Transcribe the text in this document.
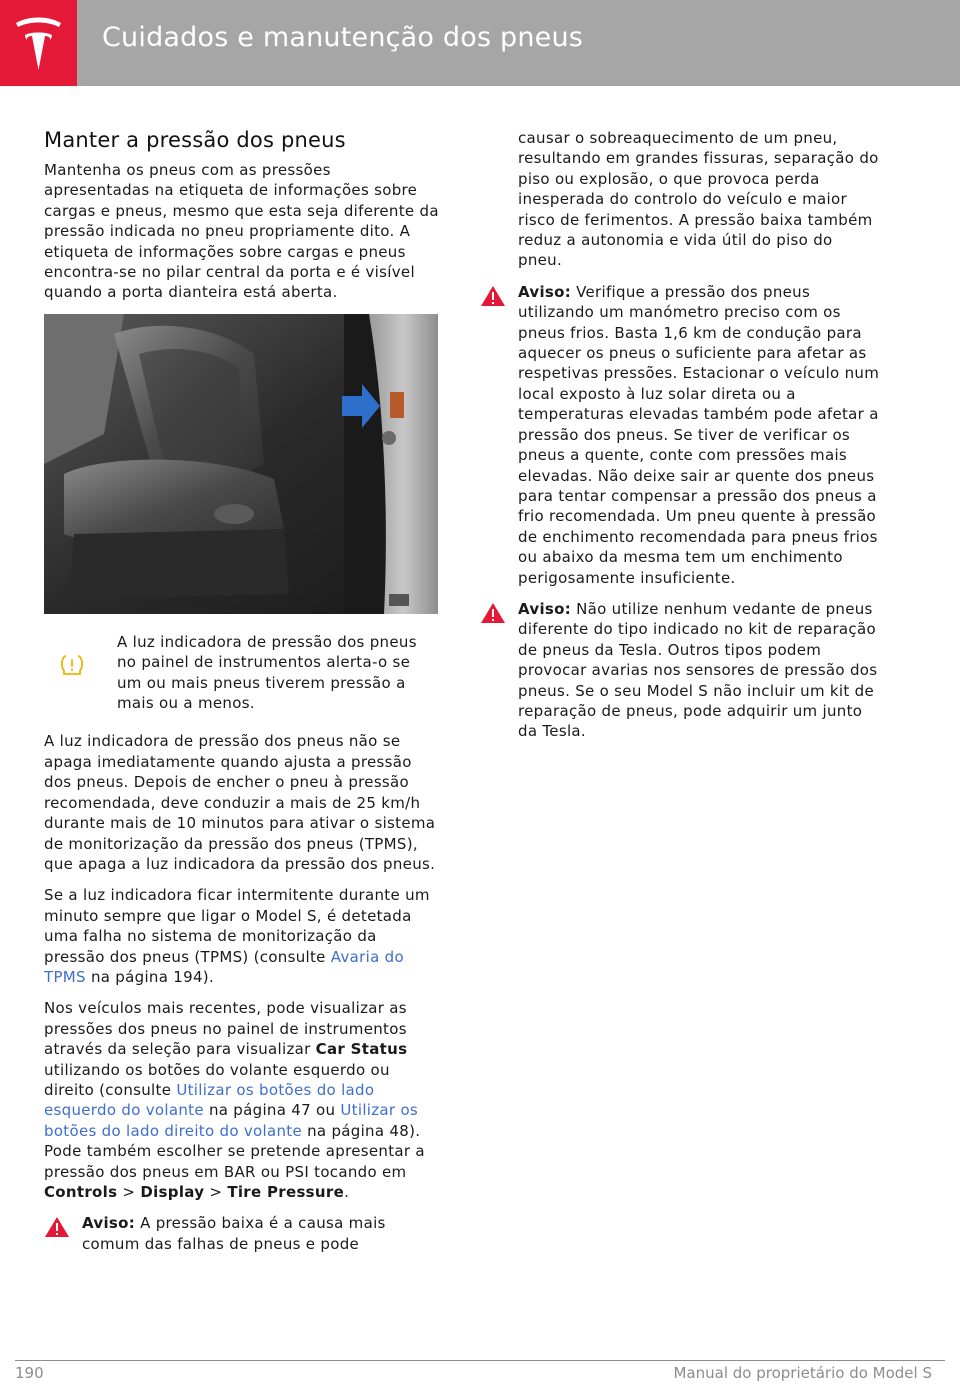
Cuidados e manutenção dos pneus
Manter a pressão dos pneus

Mantenha os pneus com as pressões apresentadas na etiqueta de informações sobre cargas e pneus, mesmo que esta seja diferente da pressão indicada no pneu propriamente dito. A etiqueta de informações sobre cargas e pneus encontra-se no pilar central da porta e é visível quando a porta dianteira está aberta.

A luz indicadora de pressão dos pneus no painel de instrumentos alerta-o se um ou mais pneus tiverem pressão a mais ou a menos.

A luz indicadora de pressão dos pneus não se apaga imediatamente quando ajusta a pressão dos pneus. Depois de encher o pneu à pressão recomendada, deve conduzir a mais de 25 km/h durante mais de 10 minutos para ativar o sistema de monitorização da pressão dos pneus (TPMS), que apaga a luz indicadora da pressão dos pneus.

Se a luz indicadora ficar intermitente durante um minuto sempre que ligar o Model S, é detetada uma falha no sistema de monitorização da pressão dos pneus (TPMS) (consulte Avaria do TPMS na página 194).

Nos veículos mais recentes, pode visualizar as pressões dos pneus no painel de instrumentos através da seleção para visualizar Car Status utilizando os botões do volante esquerdo ou direito (consulte Utilizar os botões do lado esquerdo do volante na página 47 ou Utilizar os botões do lado direito do volante na página 48). Pode também escolher se pretende apresentar a pressão dos pneus em BAR ou PSI tocando em Controls > Display > Tire Pressure.

Aviso: A pressão baixa é a causa mais comum das falhas de pneus e pode

causar o sobreaquecimento de um pneu, resultando em grandes fissuras, separação do piso ou explosão, o que provoca perda inesperada do controlo do veículo e maior risco de ferimentos. A pressão baixa também reduz a autonomia e vida útil do piso do pneu.

Aviso: Verifique a pressão dos pneus utilizando um manómetro preciso com os pneus frios. Basta 1,6 km de condução para aquecer os pneus o suficiente para afetar as respetivas pressões. Estacionar o veículo num local exposto à luz solar direta ou a temperaturas elevadas também pode afetar a pressão dos pneus. Se tiver de verificar os pneus a quente, conte com pressões mais elevadas. Não deixe sair ar quente dos pneus para tentar compensar a pressão dos pneus a frio recomendada. Um pneu quente à pressão de enchimento recomendada para pneus frios ou abaixo da mesma tem um enchimento perigosamente insuficiente.

Aviso: Não utilize nenhum vedante de pneus diferente do tipo indicado no kit de reparação de pneus da Tesla. Outros tipos podem provocar avarias nos sensores de pressão dos pneus. Se o seu Model S não incluir um kit de reparação de pneus, pode adquirir um junto da Tesla.

190	Manual do proprietário do Model S
